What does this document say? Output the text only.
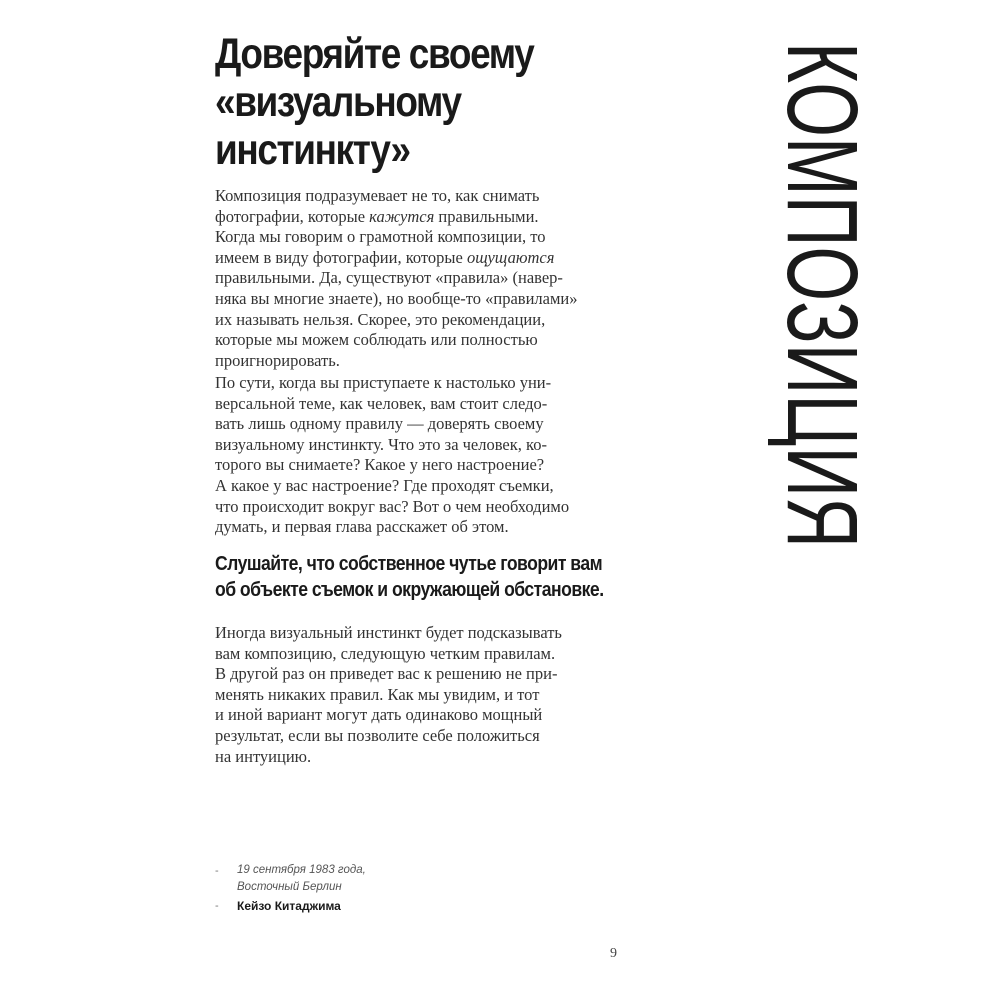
Доверяйте своему
«визуальному
инстинкту»	КОМПОЗИЦИЯ
Композиция подразумевает не то, как снимать
фотографии, которые кажутся правильными.
Когда мы говорим о грамотной композиции, то
имеем в виду фотографии, которые ощущаются
правильными. Да, существуют «правила» (навер-
няка вы многие знаете), но вообще-то «правилами»
их называть нельзя. Скорее, это рекомендации,
которые мы можем соблюдать или полностью
проигнорировать.
По сути, когда вы приступаете к настолько уни-
версальной теме, как человек, вам стоит следо-
вать лишь одному правилу — доверять своему
визуальному инстинкту. Что это за человек, ко-
торого вы снимаете? Какое у него настроение?
А какое у вас настроение? Где проходят съемки,
что происходит вокруг вас? Вот о чем необходимо
думать, и первая глава расскажет об этом.
Слушайте, что собственное чутье говорит вам
об объекте съемок и окружающей обстановке.
Иногда визуальный инстинкт будет подсказывать
вам композицию, следующую четким правилам.
В другой раз он приведет вас к решению не при-
менять никаких правил. Как мы увидим, и тот
и иной вариант могут дать одинаково мощный
результат, если вы позволите себе положиться
на интуицию.
- 19 сентября 1983 года,
Восточный Берлин
- Кейзо Китаджима
9
